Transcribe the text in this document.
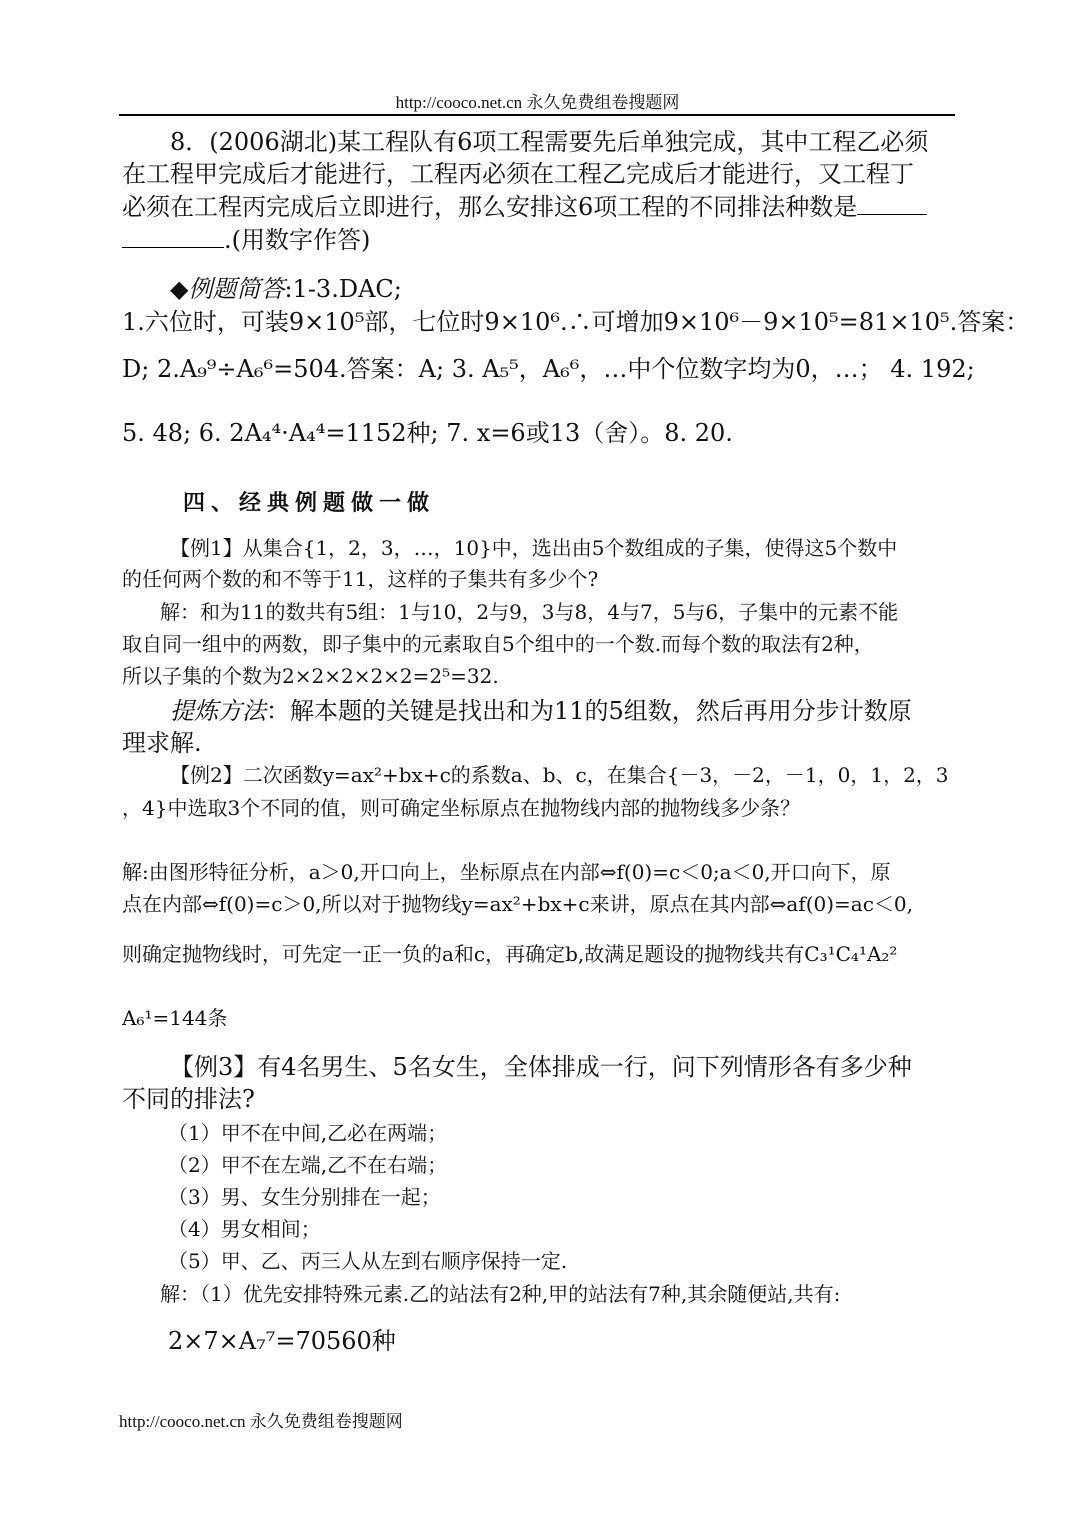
http://cooco.net.cn 永久免费组卷搜题网
8．(2006湖北)某工程队有6项工程需要先后单独完成，其中工程乙必须
在工程甲完成后才能进行，工程丙必须在工程乙完成后才能进行，又工程丁
必须在工程丙完成后立即进行，那么安排这6项工程的不同排法种数是
.(用数字作答)
◆例题简答:1-3.DAC;
1.六位时，可装9×10⁵部，七位时9×10⁶.∴可增加9×10⁶－9×10⁵=81×10⁵.答案：
D; 2.A₉⁹÷A₆⁶=504.答案：A; 3. A₅⁵，A₆⁶，…中个位数字均为0，…； 4. 192;
5. 48; 6. 2A₄⁴·A₄⁴=1152种; 7. x=6或13（舍）。8. 20.
四、经典例题做一做
【例1】从集合{1，2，3，…，10}中，选出由5个数组成的子集，使得这5个数中
的任何两个数的和不等于11，这样的子集共有多少个?
解：和为11的数共有5组：1与10，2与9，3与8，4与7，5与6，子集中的元素不能
取自同一组中的两数，即子集中的元素取自5个组中的一个数.而每个数的取法有2种，
所以子集的个数为2×2×2×2×2=2⁵=32.
提炼方法：解本题的关键是找出和为11的5组数，然后再用分步计数原
理求解.
【例2】二次函数y=ax²+bx+c的系数a、b、c，在集合{－3，－2，－1，0，1，2，3
，4}中选取3个不同的值，则可确定坐标原点在抛物线内部的抛物线多少条？
解:由图形特征分析，a＞0,开口向上，坐标原点在内部⇔f(0)=c＜0;a＜0,开口向下，原
点在内部⇔f(0)=c＞0,所以对于抛物线y=ax²+bx+c来讲，原点在其内部⇔af(0)=ac＜0,
则确定抛物线时，可先定一正一负的a和c，再确定b,故满足题设的抛物线共有C₃¹C₄¹A₂²
A₆¹=144条
【例3】有4名男生、5名女生，全体排成一行，问下列情形各有多少种
不同的排法?
（1）甲不在中间,乙必在两端；
（2）甲不在左端,乙不在右端；
（3）男、女生分别排在一起；
（4）男女相间；
（5）甲、乙、丙三人从左到右顺序保持一定.
解：（1）优先安排特殊元素.乙的站法有2种,甲的站法有7种,其余随便站,共有:
2×7×A₇⁷=70560种
http://cooco.net.cn 永久免费组卷搜题网
